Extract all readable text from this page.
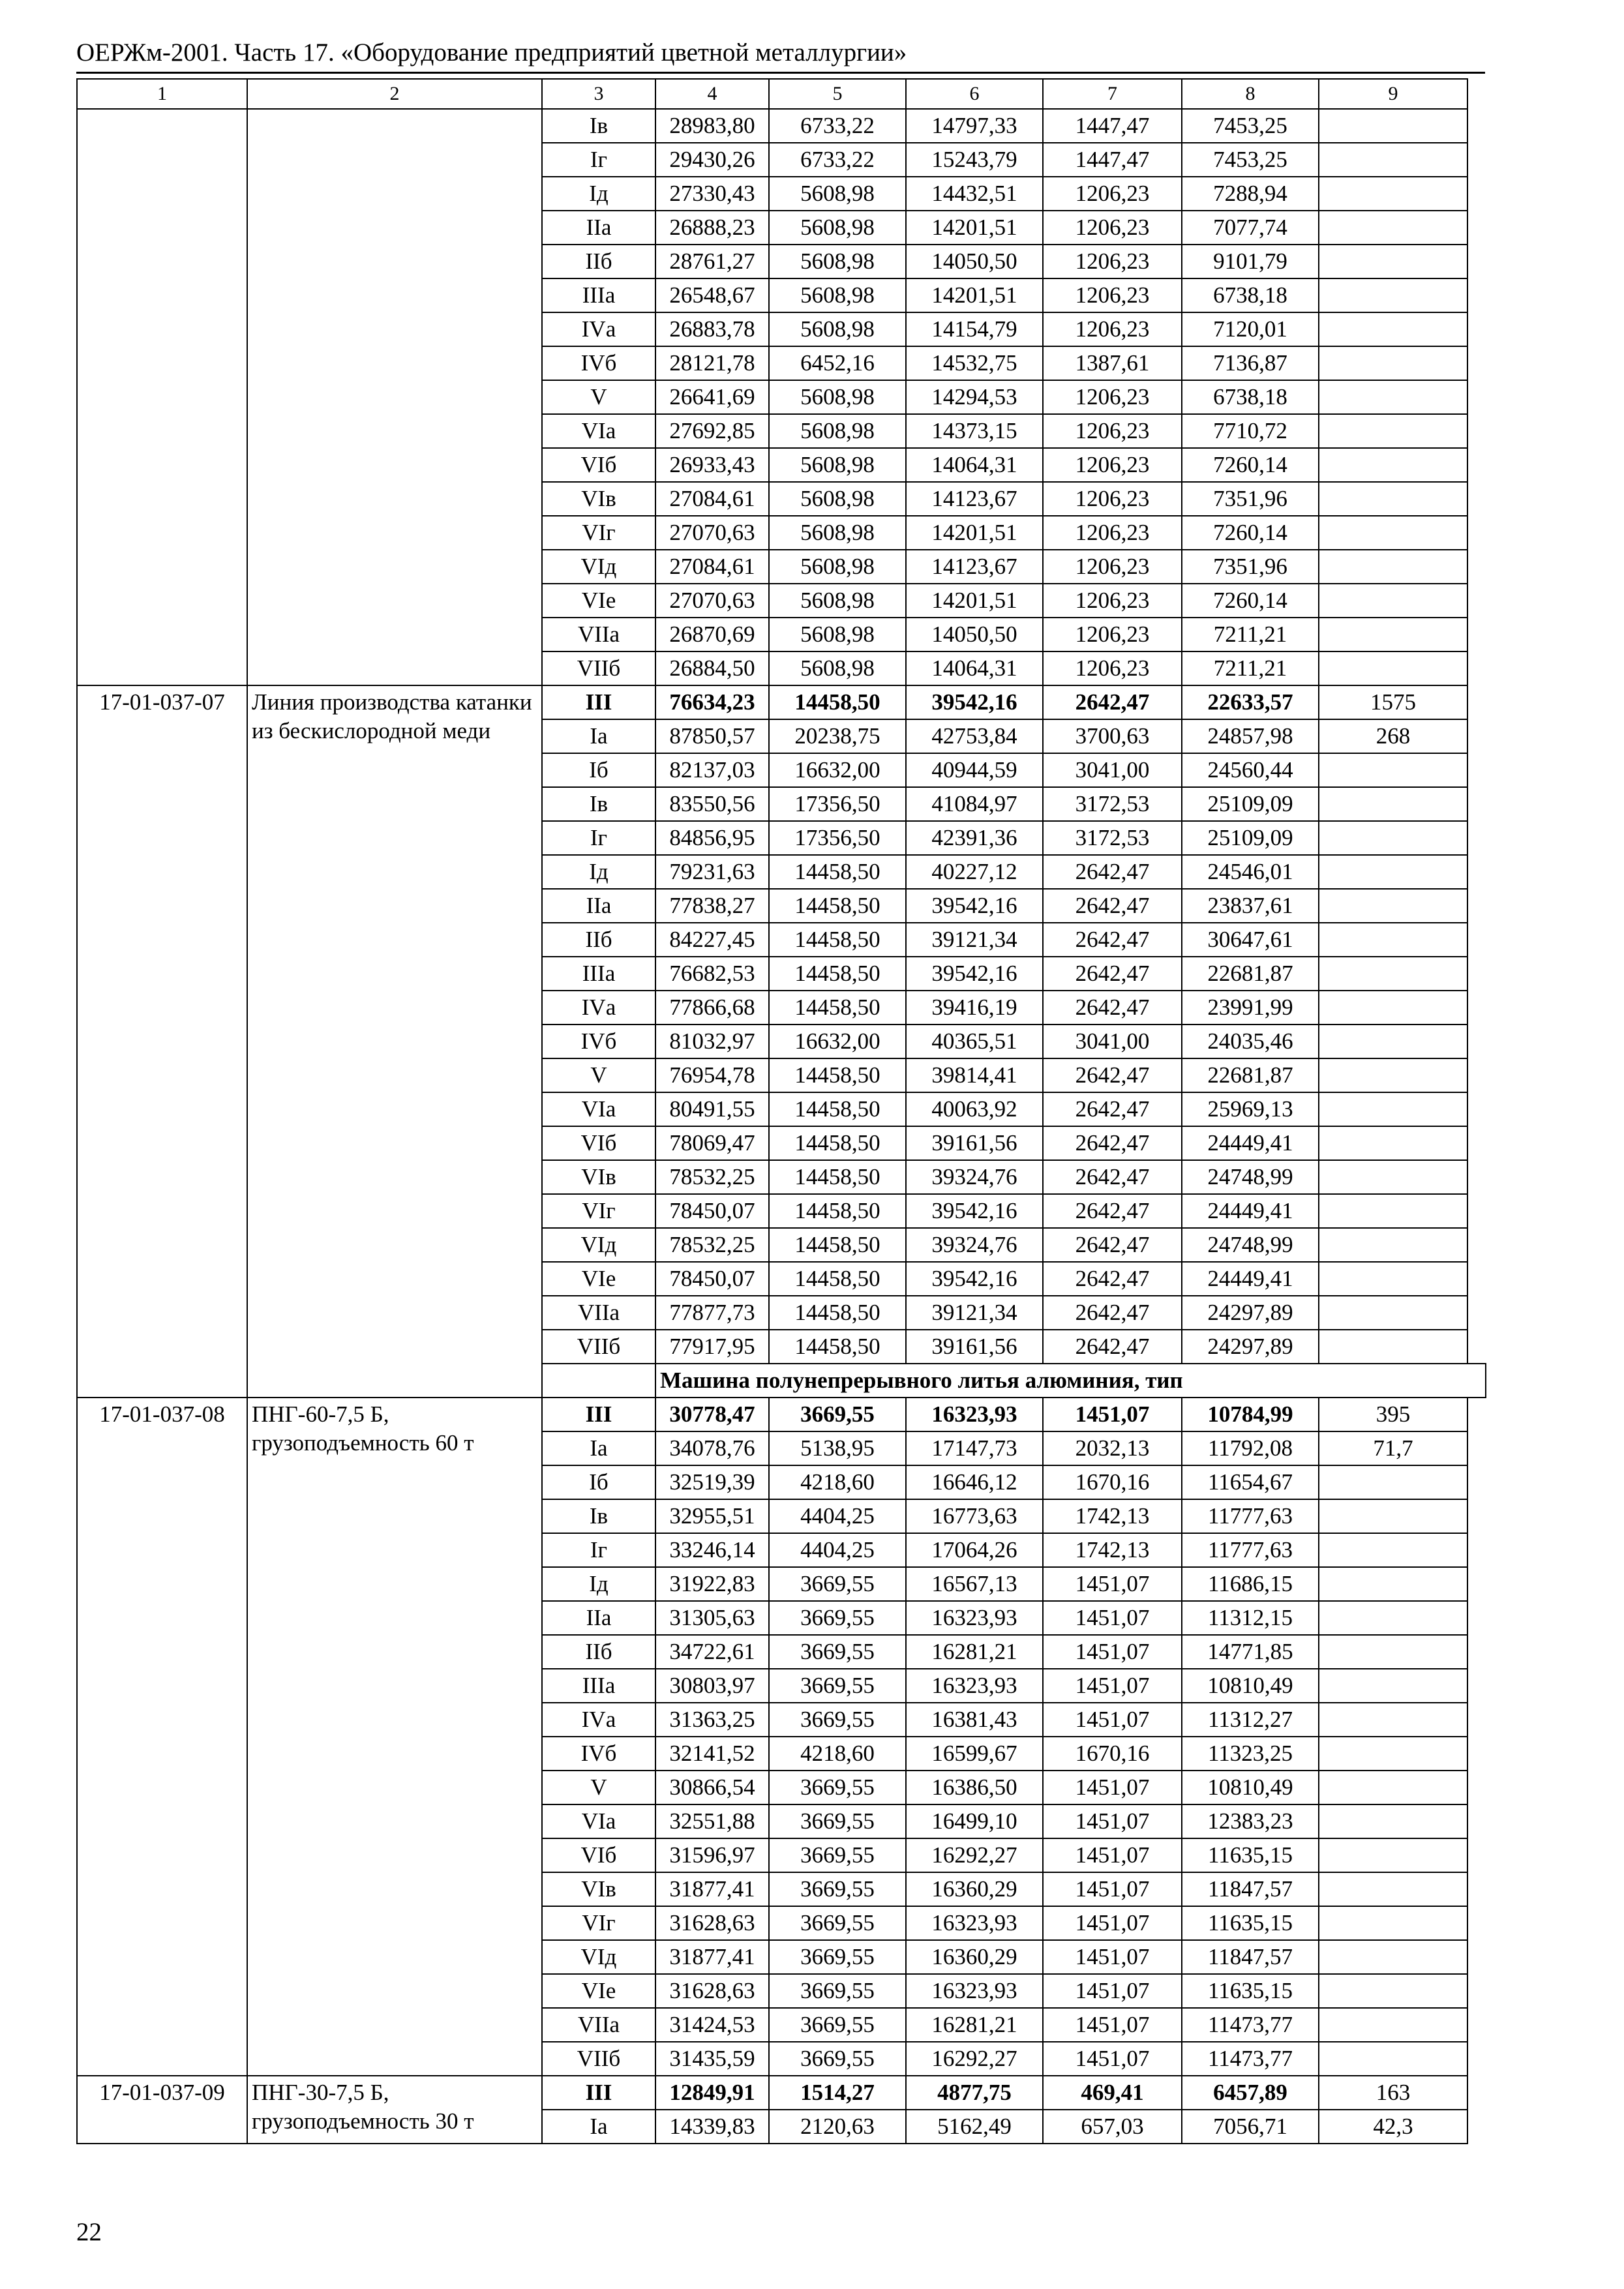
ОЕРЖм-2001. Часть 17. «Оборудование предприятий цветной металлургии»
1	2	3	4	5	6	7	8	9
		Iв	28983,80	6733,22	14797,33	1447,47	7453,25	
		Iг	29430,26	6733,22	15243,79	1447,47	7453,25	
		Iд	27330,43	5608,98	14432,51	1206,23	7288,94	
		IIа	26888,23	5608,98	14201,51	1206,23	7077,74	
		IIб	28761,27	5608,98	14050,50	1206,23	9101,79	
		IIIа	26548,67	5608,98	14201,51	1206,23	6738,18	
		IVа	26883,78	5608,98	14154,79	1206,23	7120,01	
		IVб	28121,78	6452,16	14532,75	1387,61	7136,87	
		V	26641,69	5608,98	14294,53	1206,23	6738,18	
		VIа	27692,85	5608,98	14373,15	1206,23	7710,72	
		VIб	26933,43	5608,98	14064,31	1206,23	7260,14	
		VIв	27084,61	5608,98	14123,67	1206,23	7351,96	
		VIг	27070,63	5608,98	14201,51	1206,23	7260,14	
		VIд	27084,61	5608,98	14123,67	1206,23	7351,96	
		VIе	27070,63	5608,98	14201,51	1206,23	7260,14	
		VIIа	26870,69	5608,98	14050,50	1206,23	7211,21	
		VIIб	26884,50	5608,98	14064,31	1206,23	7211,21	
17-01-037-07	Линия производства катанки из бескислородной меди	III	76634,23	14458,50	39542,16	2642,47	22633,57	1575
		Iа	87850,57	20238,75	42753,84	3700,63	24857,98	268
		Iб	82137,03	16632,00	40944,59	3041,00	24560,44	
		Iв	83550,56	17356,50	41084,97	3172,53	25109,09	
		Iг	84856,95	17356,50	42391,36	3172,53	25109,09	
		Iд	79231,63	14458,50	40227,12	2642,47	24546,01	
		IIа	77838,27	14458,50	39542,16	2642,47	23837,61	
		IIб	84227,45	14458,50	39121,34	2642,47	30647,61	
		IIIа	76682,53	14458,50	39542,16	2642,47	22681,87	
		IVа	77866,68	14458,50	39416,19	2642,47	23991,99	
		IVб	81032,97	16632,00	40365,51	3041,00	24035,46	
		V	76954,78	14458,50	39814,41	2642,47	22681,87	
		VIа	80491,55	14458,50	40063,92	2642,47	25969,13	
		VIб	78069,47	14458,50	39161,56	2642,47	24449,41	
		VIв	78532,25	14458,50	39324,76	2642,47	24748,99	
		VIг	78450,07	14458,50	39542,16	2642,47	24449,41	
		VIд	78532,25	14458,50	39324,76	2642,47	24748,99	
		VIе	78450,07	14458,50	39542,16	2642,47	24449,41	
		VIIа	77877,73	14458,50	39121,34	2642,47	24297,89	
		VIIб	77917,95	14458,50	39161,56	2642,47	24297,89	
			Машина полунепрерывного литья алюминия, тип					
17-01-037-08	ПНГ-60-7,5 Б, грузоподъемность 60 т	III	30778,47	3669,55	16323,93	1451,07	10784,99	395
		Iа	34078,76	5138,95	17147,73	2032,13	11792,08	71,7
		Iб	32519,39	4218,60	16646,12	1670,16	11654,67	
		Iв	32955,51	4404,25	16773,63	1742,13	11777,63	
		Iг	33246,14	4404,25	17064,26	1742,13	11777,63	
		Iд	31922,83	3669,55	16567,13	1451,07	11686,15	
		IIа	31305,63	3669,55	16323,93	1451,07	11312,15	
		IIб	34722,61	3669,55	16281,21	1451,07	14771,85	
		IIIа	30803,97	3669,55	16323,93	1451,07	10810,49	
		IVа	31363,25	3669,55	16381,43	1451,07	11312,27	
		IVб	32141,52	4218,60	16599,67	1670,16	11323,25	
		V	30866,54	3669,55	16386,50	1451,07	10810,49	
		VIа	32551,88	3669,55	16499,10	1451,07	12383,23	
		VIб	31596,97	3669,55	16292,27	1451,07	11635,15	
		VIв	31877,41	3669,55	16360,29	1451,07	11847,57	
		VIг	31628,63	3669,55	16323,93	1451,07	11635,15	
		VIд	31877,41	3669,55	16360,29	1451,07	11847,57	
		VIе	31628,63	3669,55	16323,93	1451,07	11635,15	
		VIIа	31424,53	3669,55	16281,21	1451,07	11473,77	
		VIIб	31435,59	3669,55	16292,27	1451,07	11473,77	
17-01-037-09	ПНГ-30-7,5 Б, грузоподъемность 30 т	III	12849,91	1514,27	4877,75	469,41	6457,89	163
		Iа	14339,83	2120,63	5162,49	657,03	7056,71	42,3
22
